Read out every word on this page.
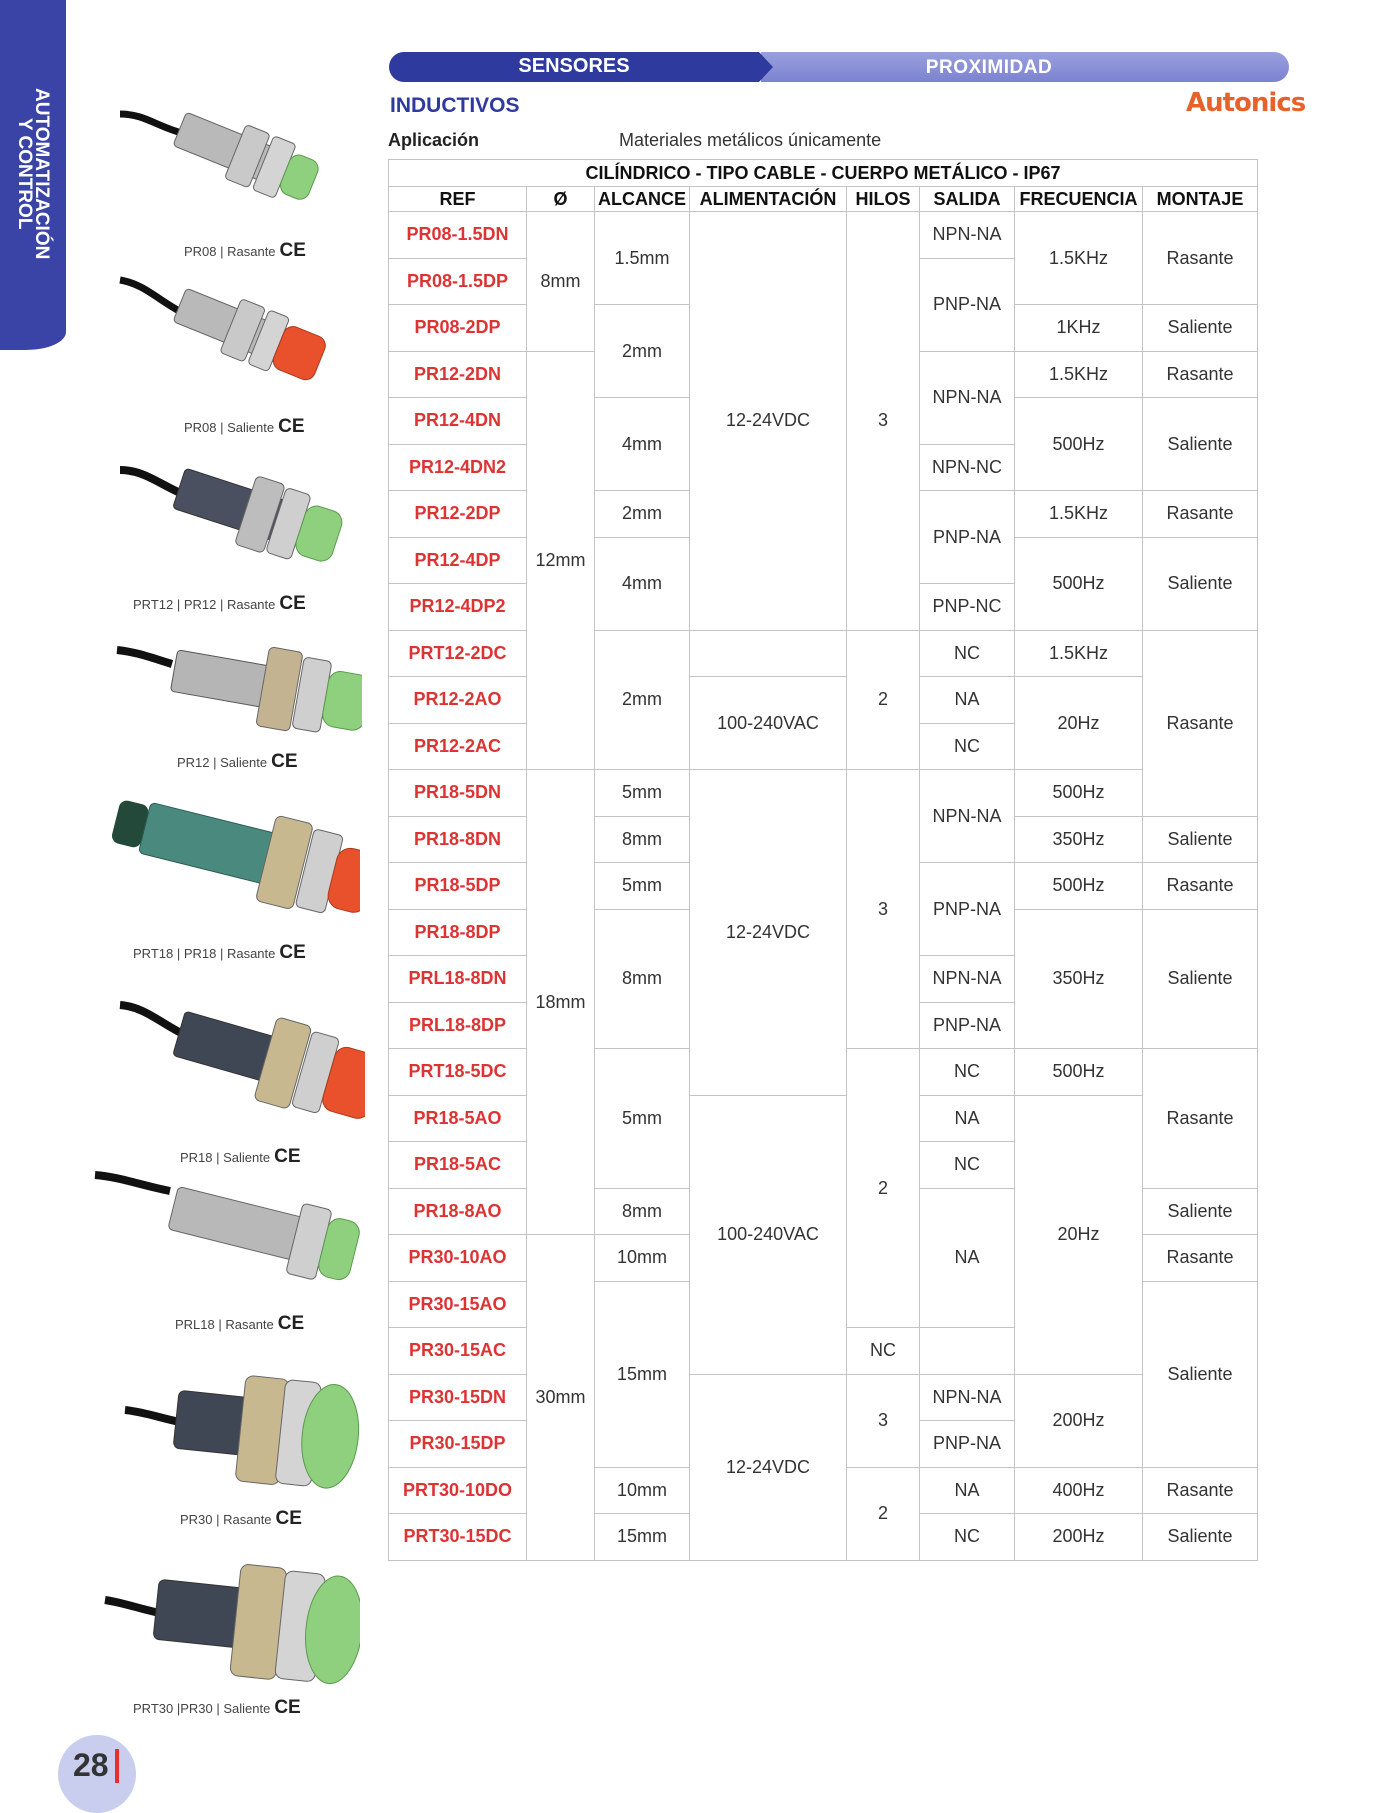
AUTOMATIZACIÓN
Y CONTROL
28
SENSORES	PROXIMIDAD
INDUCTIVOS	Autonics
Aplicación	Materiales metálicos únicamente
CILÍNDRICO - TIPO CABLE - CUERPO METÁLICO - IP67							
REF	Ø	ALCANCE	ALIMENTACIÓN	HILOS	SALIDA	FRECUENCIA	MONTAJE
PR08-1.5DN	8mm	1.5mm	12-24VDC	3	NPN-NA	1.5KHz	Rasante
PR08-1.5DP					PNP-NA		
PR08-2DP		2mm				1KHz	Saliente
PR12-2DN	12mm				NPN-NA	1.5KHz	Rasante
PR12-4DN		4mm				500Hz	Saliente
PR12-4DN2					NPN-NC		
PR12-2DP		2mm			PNP-NA	1.5KHz	Rasante
PR12-4DP		4mm				500Hz	Saliente
PR12-4DP2					PNP-NC		
PRT12-2DC		2mm		2	NC	1.5KHz	Rasante
PR12-2AO			100-240VAC		NA	20Hz	
PR12-2AC					NC		
PR18-5DN	18mm	5mm	12-24VDC	3	NPN-NA	500Hz	
PR18-8DN		8mm				350Hz	Saliente
PR18-5DP		5mm			PNP-NA	500Hz	Rasante
PR18-8DP		8mm				350Hz	Saliente
PRL18-8DN					NPN-NA		
PRL18-8DP					PNP-NA		
PRT18-5DC		5mm		2	NC	500Hz	Rasante
PR18-5AO			100-240VAC		NA	20Hz	
PR18-5AC					NC		
PR18-8AO		8mm			NA		Saliente
PR30-10AO	30mm	10mm					Rasante
PR30-15AO		15mm					Saliente
PR30-15AC				NC			
PR30-15DN			12-24VDC	3	NPN-NA	200Hz	
PR30-15DP					PNP-NA		
PRT30-10DO		10mm		2	NA	400Hz	Rasante
PRT30-15DC		15mm			NC	200Hz	Saliente
PR08 | Rasante CE
PR08 | Saliente CE
PRT12 | PR12 | Rasante CE
PR12 | Saliente CE
PRT18 | PR18 | Rasante CE
PR18 | Saliente CE
PRL18 | Rasante CE
PR30 | Rasante CE
PRT30 |PR30 | Saliente CE
